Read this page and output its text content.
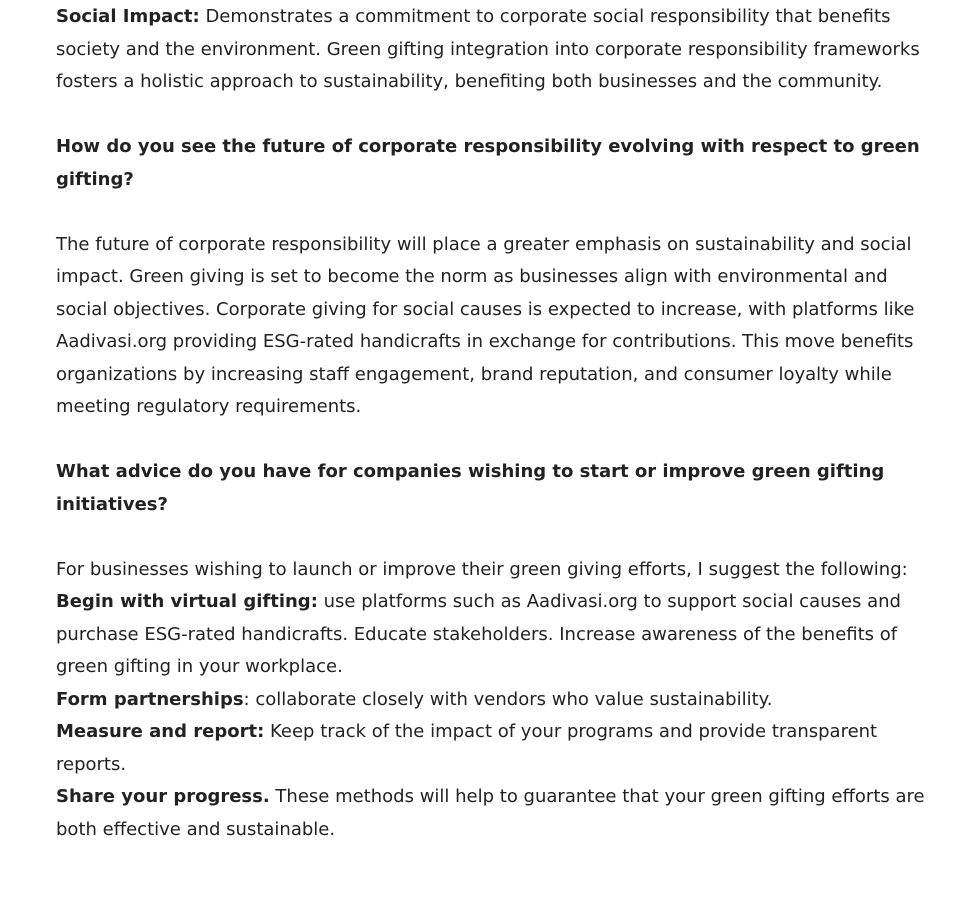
Social Impact: Demonstrates a commitment to corporate social responsibility that benefits society and the environment. Green gifting integration into corporate responsibility frameworks fosters a holistic approach to sustainability, benefiting both businesses and the community.

How do you see the future of corporate responsibility evolving with respect to green gifting?

The future of corporate responsibility will place a greater emphasis on sustainability and social impact. Green giving is set to become the norm as businesses align with environmental and social objectives. Corporate giving for social causes is expected to increase, with platforms like Aadivasi.org providing ESG-rated handicrafts in exchange for contributions. This move benefits organizations by increasing staff engagement, brand reputation, and consumer loyalty while meeting regulatory requirements.

What advice do you have for companies wishing to start or improve green gifting initiatives?

For businesses wishing to launch or improve their green giving efforts, I suggest the following: Begin with virtual gifting: use platforms such as Aadivasi.org to support social causes and purchase ESG-rated handicrafts. Educate stakeholders. Increase awareness of the benefits of green gifting in your workplace.
Form partnerships: collaborate closely with vendors who value sustainability.
Measure and report: Keep track of the impact of your programs and provide transparent reports.
Share your progress. These methods will help to guarantee that your green gifting efforts are both effective and sustainable.
